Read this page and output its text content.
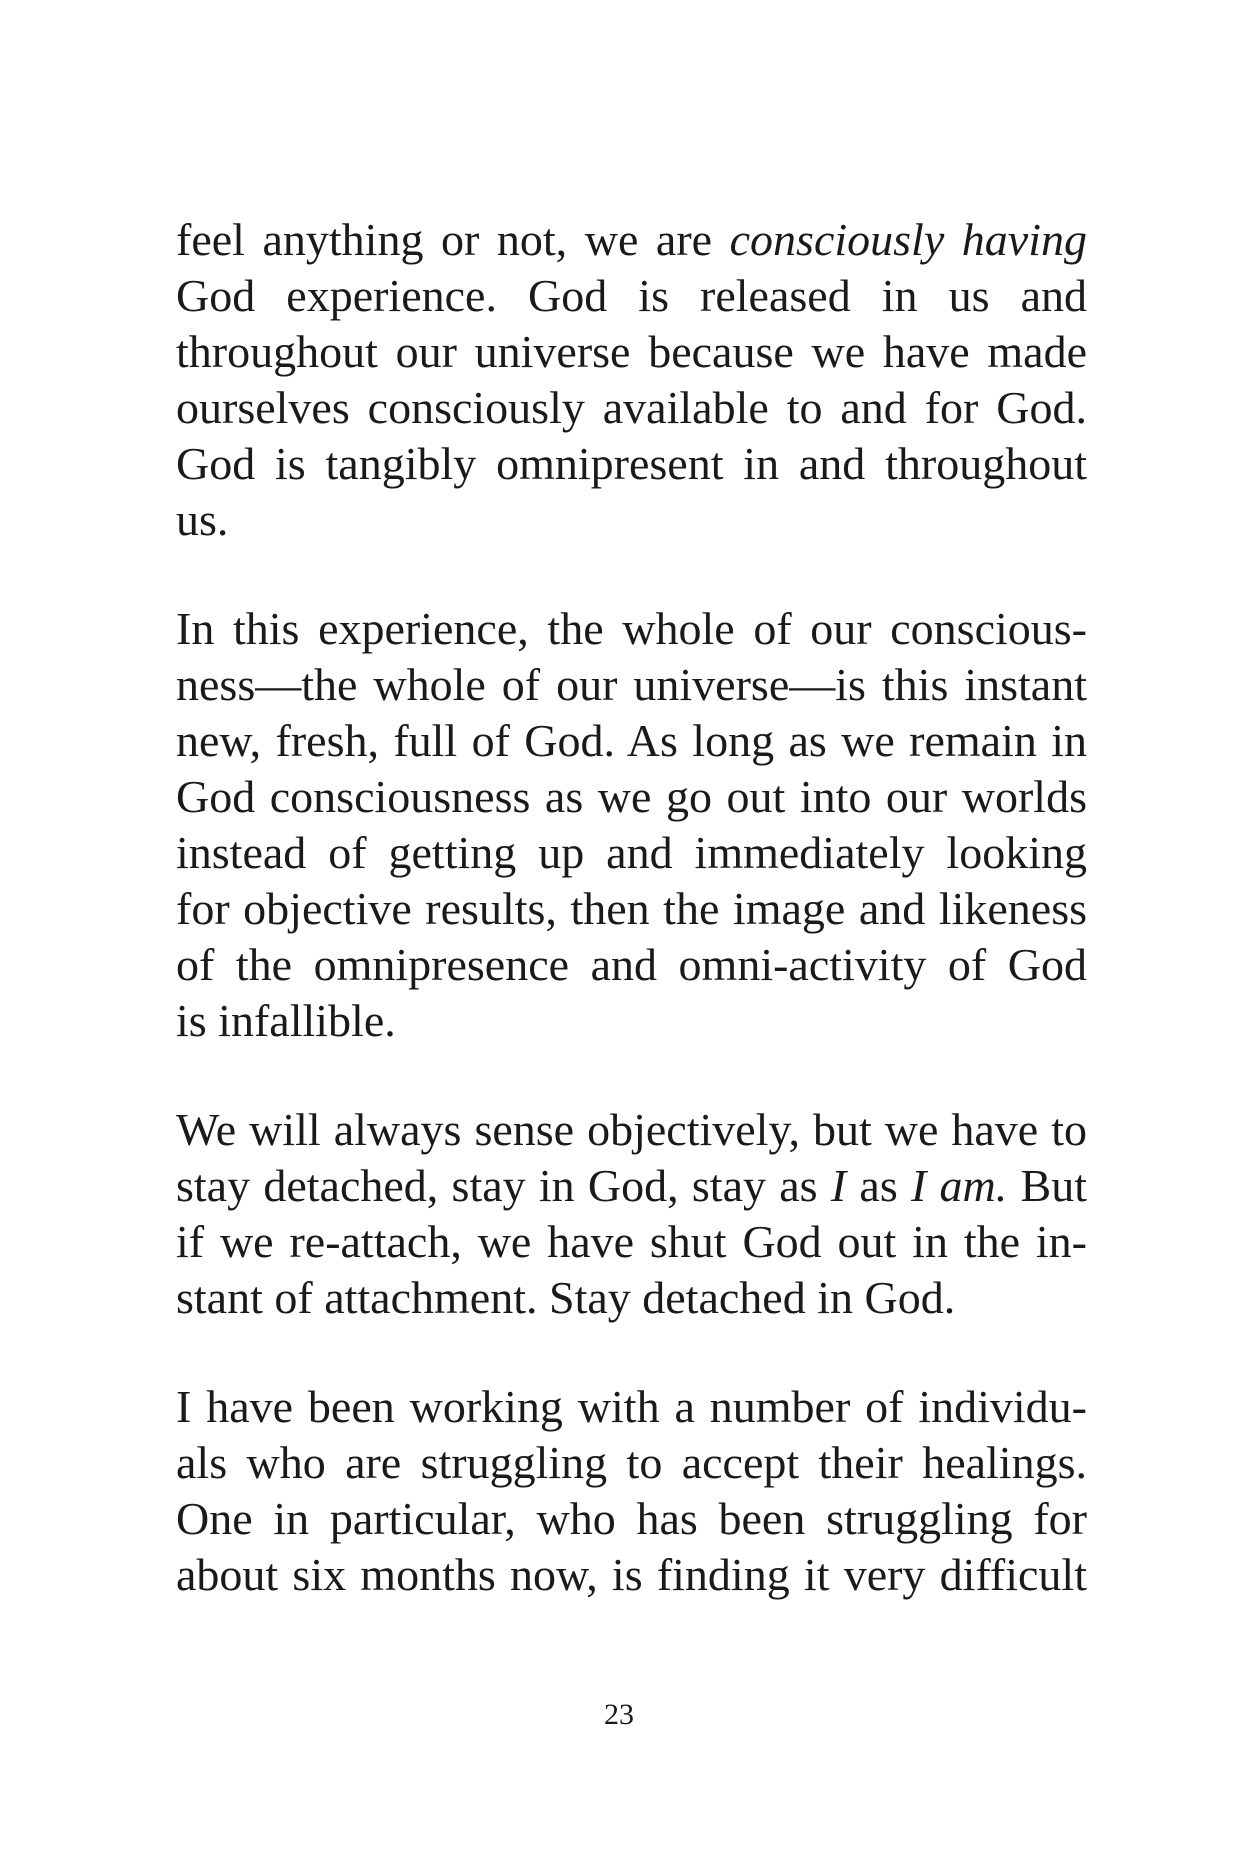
feel anything or not, we are consciously having
God experience. God is released in us and
throughout our universe because we have made
ourselves consciously available to and for God.
God is tangibly omnipresent in and throughout
us.
In this experience, the whole of our conscious-
ness—the whole of our universe—is this instant
new, fresh, full of God. As long as we remain in
God consciousness as we go out into our worlds
instead of getting up and immediately looking
for objective results, then the image and likeness
of the omnipresence and omni-activity of God
is infallible.
We will always sense objectively, but we have to
stay detached, stay in God, stay as I as I am. But
if we re-attach, we have shut God out in the in-
stant of attachment. Stay detached in God.
I have been working with a number of individu-
als who are struggling to accept their healings.
One in particular, who has been struggling for
about six months now, is finding it very difficult
23
